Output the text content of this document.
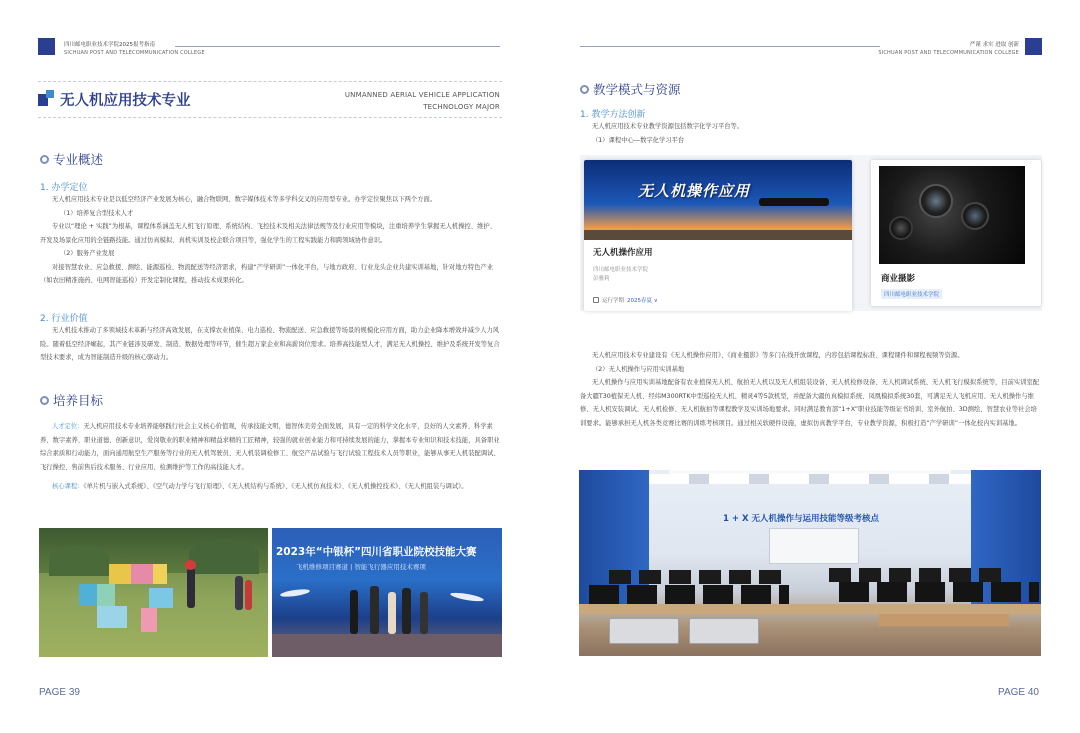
四川邮电职业技术学院2025报考指南
SICHUAN POST AND TELECOMMUNICATION COLLEGE
无人机应用技术专业	UNMANNED AERIAL VEHICLE APPLICATION
TECHNOLOGY MAJOR
专业概述
1. 办学定位
无人机应用技术专业是以低空经济产业发展为核心，融合物联网、数字媒体技术等多学科交叉的应用型专业。办学定位聚焦以下两个方面。
（1）培养复合型技术人才
专业以“理论 + 实践”为根基，课程体系涵盖无人机飞行原理、系统结构、飞控技术及相关法律法规等及行业应用等模块，注重培养学生掌握无人机操控、维护、开发及场景化应用的全链路技能。通过仿真模拟、真机实训及校企联合项目等，强化学生的工程实践能力和跨领域协作意识。
（2）服务产业发展
对接智慧农业、应急救援、测绘、能源巡检、物流配送等经济需求，构建“产学研训”一体化平台，与地方政府、行业龙头企业共建实训基地，针对地方特色产业（如农田精准施药、电网智能巡检）开发定制化课程，推动技术成果转化。
2. 行业价值
无人机技术推动了多领域技术革新与经济高效发展，在支撑农业植保、电力巡检、物流配送、应急救援等场景的规模化应用方面，助力企业降本增效并减少人力风险。随着低空经济崛起，其产业链涉及研发、制造、数据处理等环节，催生超万家企业和高薪岗位需求。培养高技能型人才，满足无人机操控、维护及系统开发等复合型技术要求，成为智能制造升级的核心驱动力。
培养目标
人才定位：无人机应用技术专业培养能够践行社会主义核心价值观，传承技能文明，德智体美劳全面发展，具有一定的科学文化水平，良好的人文素养、科学素养、数字素养、职业道德、创新意识，爱岗敬业的职业精神和精益求精的工匠精神，较强的就业创业能力和可持续发展的能力，掌握本专业知识和技术技能，具备职业综合素质和行动能力，面向通用航空生产服务等行业的无人机驾驶员、无人机装调检修工、航空产品试验与飞行试验工程技术人员等职业，能够从事无人机装配调试、飞行操控、售前售后技术服务、行业应用、检测维护等工作的高技能人才。
核心课程：《单片机与嵌入式系统》、《空气动力学与飞行原理》、《无人机结构与系统》、《无人机仿真技术》、《无人机操控技术》、《无人机组装与调试》。
2023年“中银杯”四川省职业院校技能大赛
飞机维修项目赛道 | 智能飞行器应用技术赛项
PAGE 39
严谨 求实 进取 创新
SICHUAN POST AND TELECOMMUNICATION COLLEGE
教学模式与资源
1. 教学方法创新
无人机应用技术专业教学资源包括数字化学习平台等。
（1）课程中心—数字化学习平台
无人机操作应用
无人机操作应用
四川邮电职业技术学院
彭雅莉
运行学期 2025春夏 ∨
商业摄影
四川邮电职业技术学院
无人机应用技术专业建设有《无人机操作应用》、《商业摄影》等多门在线开放课程，内容包括课程标准、课程课件和课程视频等资源。
（2）无人机操作与应用实训基地
无人机操作与应用实训基地配备有农业植保无人机、航拍无人机以及无人机组装设备、无人机检修设备、无人机调试系统、无人机飞行模拟系统等，目前实训室配备大疆T30植保无人机、经纬M300RTK中型巡检无人机、精灵4等5款机型，并配备大疆仿真模拟系统、凤凰模拟系统30套，可满足无人飞机应用、无人机操作与维修、无人机安装调试、无人机检修、无人机航拍等课程教学及实训场地要求。同时满足教育部“1+X”职业技能等级证书培训、室外航拍、3D测绘、智慧农业等社会培训要求。能够承担无人机各类竞赛比赛的训练考核项目。通过相关软硬件设施，虚拟仿真教学平台，专业教学资源，积极打造“产学研训”一体化校内实训基地。
1 + X 无人机操作与运用技能等级考核点
PAGE 40
